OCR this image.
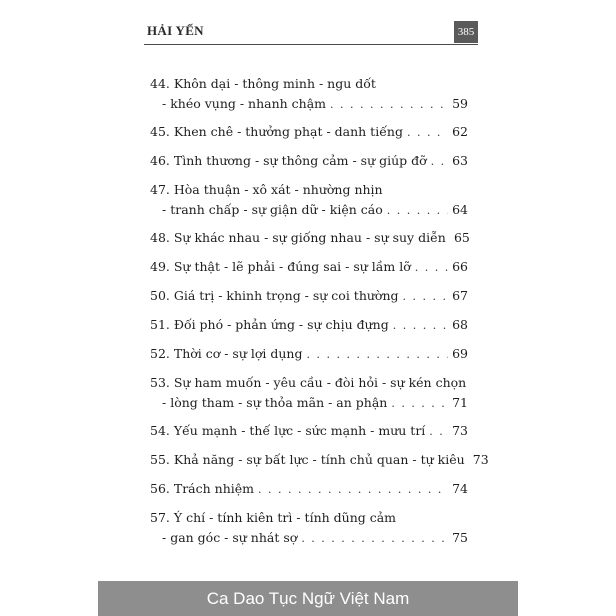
HẢI YẾN	385
44. Khôn dại - thông minh - ngu dốt
- khéo vụng - nhanh chậm . . .	59
45. Khen chê - thưởng phạt - danh tiếng . . .	62
46. Tình thương - sự thông cảm - sự giúp đỡ . . . 63
47. Hòa thuận - xô xát - nhường nhịn
- tranh chấp - sự giận dữ - kiện cáo . . .	64
48. Sự khác nhau - sự giống nhau - sự suy diễn 65
49. Sự thật - lẽ phải - đúng sai - sự lầm lỡ . . .	66
50. Giá trị - khinh trọng - sự coi thường . . .	67
51. Đối phó - phản ứng - sự chịu đựng . . .	68
52. Thời cơ - sự lợi dụng . . .	69
53. Sự ham muốn - yêu cầu - đòi hỏi - sự kén chọn
- lòng tham - sự thỏa mãn - an phận . . .	71
54. Yếu mạnh - thế lực - sức mạnh - mưu trí . . . 73
55. Khả năng - sự bất lực - tính chủ quan - tự kiêu 73
56. Trách nhiệm . . .	74
57. Ý chí - tính kiên trì - tính dũng cảm
- gan góc - sự nhát sợ . . .	75
Ca Dao Tục Ngữ Việt Nam
